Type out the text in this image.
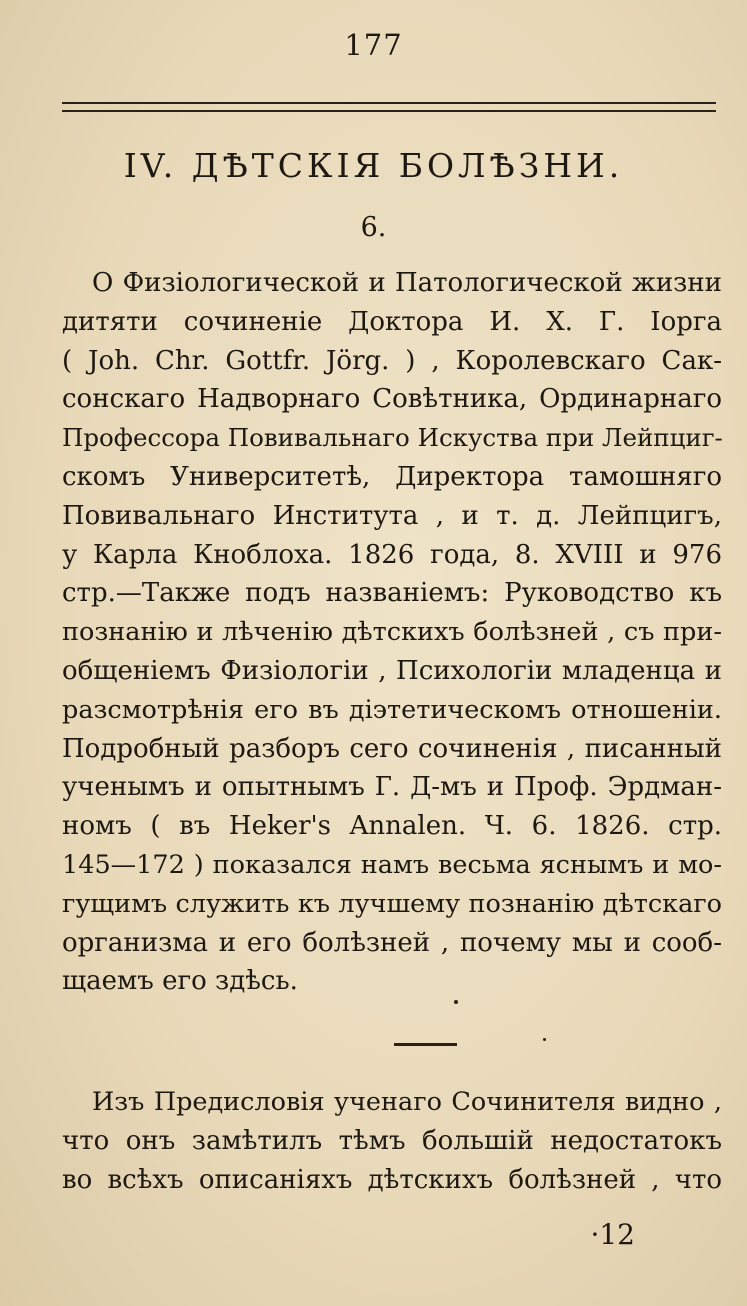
177
IV. ДѢТСКІЯ БОЛѢЗНИ.
6.
О Физіологической и Патологической жизни
дитяти сочиненіе Доктора И. Х. Г. Іорга
( Joh. Chr. Gottfr. Jörg. ) , Королевскаго Сак-
сонскаго Надворнаго Совѣтника, Ординарнаго
Профессора Повивальнаго Искуства при Лейпциг-
скомъ Университетѣ, Директора тамошняго
Повивальнаго Института , и т. д. Лейпцигъ,
у Карла Кноблоха. 1826 года, 8. XVIII и 976
стр.—Также подъ названіемъ: Руководство къ
познанію и лѣченію дѣтскихъ болѣзней , съ при-
общеніемъ Физіологіи , Психологіи младенца и
разсмотрѣнія его въ діэтетическомъ отношеніи.
Подробный разборъ сего сочиненія , писанный
ученымъ и опытнымъ Г. Д-мъ и Проф. Эрдман-
номъ ( въ Heker's Annalen. Ч. 6. 1826. стр.
145—172 ) показался намъ весьма яснымъ и мо-
гущимъ служить къ лучшему познанію дѣтскаго
организма и его болѣзней , почему мы и сооб-
щаемъ его здѣсь.
Изъ Предисловія ученаго Сочинителя видно ,
что онъ замѣтилъ тѣмъ большій недостатокъ
во всѣхъ описаніяхъ дѣтскихъ болѣзней , что
·12
